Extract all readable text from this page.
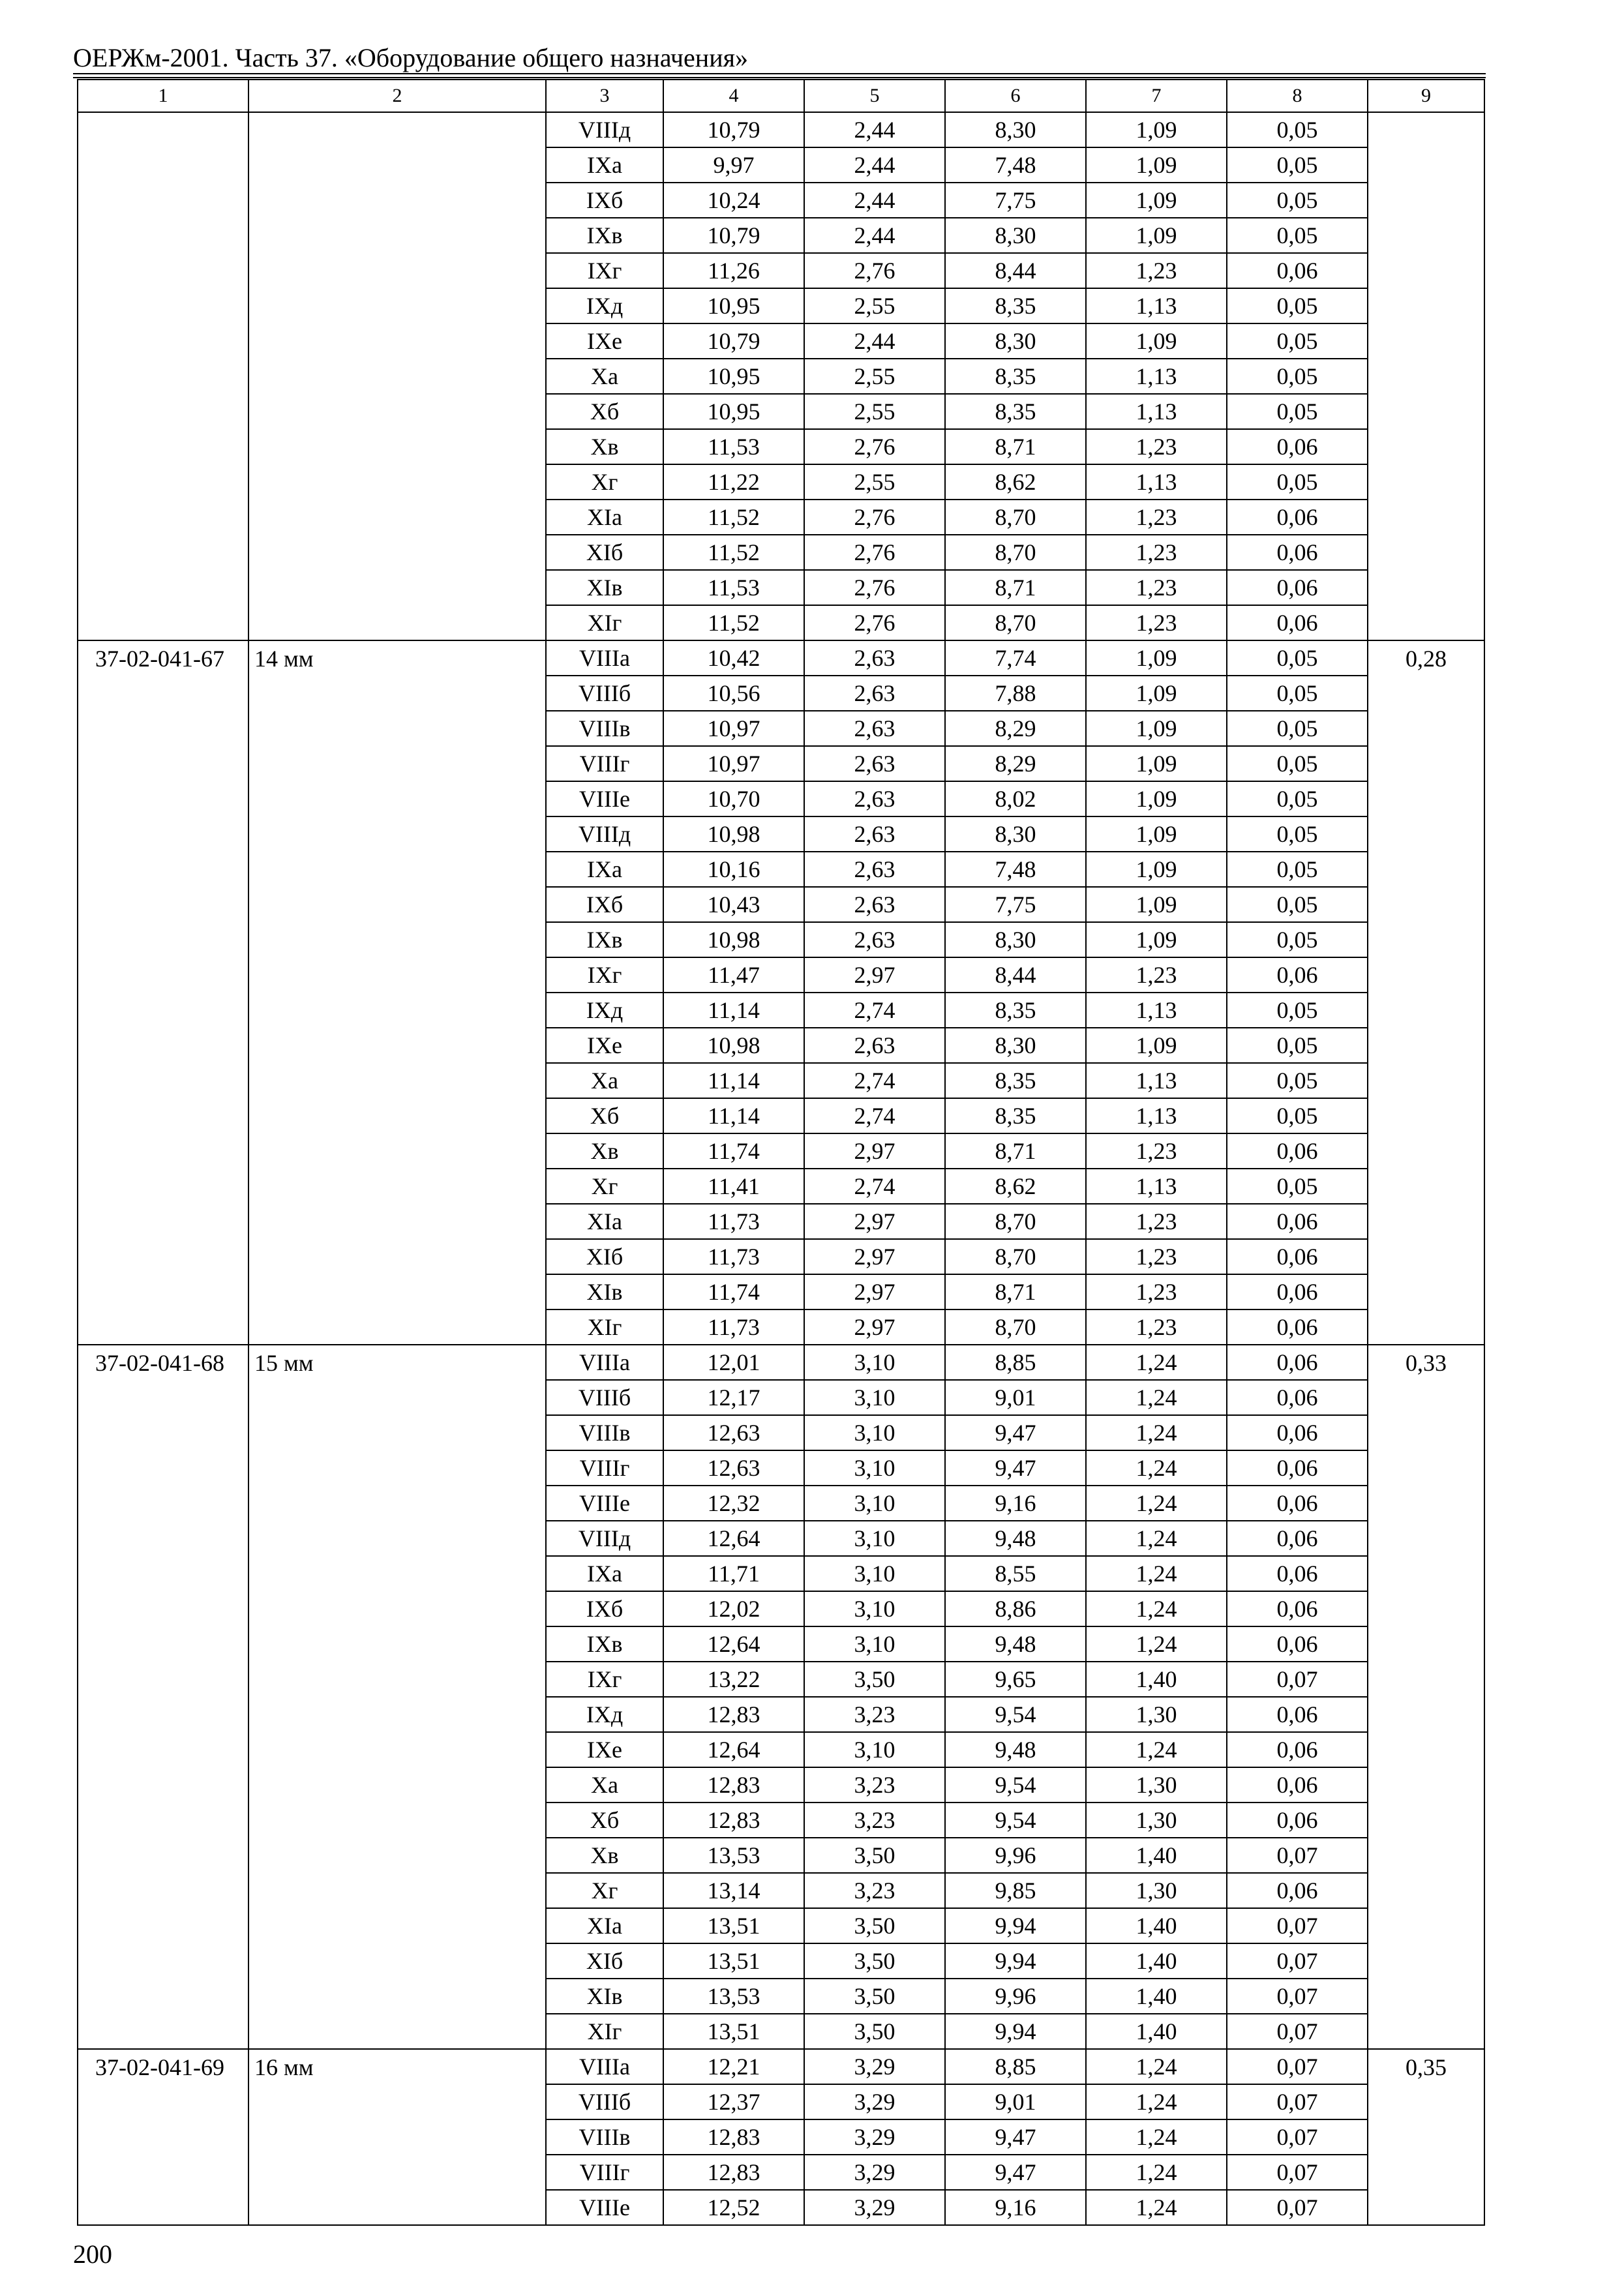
ОЕРЖм-2001. Часть 37. «Оборудование общего назначения»
1	2	3	4	5	6	7	8	9
		VIIIд	10,79	2,44	8,30	1,09	0,05	
		IXа	9,97	2,44	7,48	1,09	0,05	
		IXб	10,24	2,44	7,75	1,09	0,05	
		IXв	10,79	2,44	8,30	1,09	0,05	
		IXг	11,26	2,76	8,44	1,23	0,06	
		IXд	10,95	2,55	8,35	1,13	0,05	
		IXе	10,79	2,44	8,30	1,09	0,05	
		Xа	10,95	2,55	8,35	1,13	0,05	
		Xб	10,95	2,55	8,35	1,13	0,05	
		Xв	11,53	2,76	8,71	1,23	0,06	
		Xг	11,22	2,55	8,62	1,13	0,05	
		XIа	11,52	2,76	8,70	1,23	0,06	
		XIб	11,52	2,76	8,70	1,23	0,06	
		XIв	11,53	2,76	8,71	1,23	0,06	
		XIг	11,52	2,76	8,70	1,23	0,06	
37-02-041-67	14 мм	VIIIа	10,42	2,63	7,74	1,09	0,05	0,28
		VIIIб	10,56	2,63	7,88	1,09	0,05	
		VIIIв	10,97	2,63	8,29	1,09	0,05	
		VIIIг	10,97	2,63	8,29	1,09	0,05	
		VIIIе	10,70	2,63	8,02	1,09	0,05	
		VIIIд	10,98	2,63	8,30	1,09	0,05	
		IXа	10,16	2,63	7,48	1,09	0,05	
		IXб	10,43	2,63	7,75	1,09	0,05	
		IXв	10,98	2,63	8,30	1,09	0,05	
		IXг	11,47	2,97	8,44	1,23	0,06	
		IXд	11,14	2,74	8,35	1,13	0,05	
		IXе	10,98	2,63	8,30	1,09	0,05	
		Xа	11,14	2,74	8,35	1,13	0,05	
		Xб	11,14	2,74	8,35	1,13	0,05	
		Xв	11,74	2,97	8,71	1,23	0,06	
		Xг	11,41	2,74	8,62	1,13	0,05	
		XIа	11,73	2,97	8,70	1,23	0,06	
		XIб	11,73	2,97	8,70	1,23	0,06	
		XIв	11,74	2,97	8,71	1,23	0,06	
		XIг	11,73	2,97	8,70	1,23	0,06	
37-02-041-68	15 мм	VIIIа	12,01	3,10	8,85	1,24	0,06	0,33
		VIIIб	12,17	3,10	9,01	1,24	0,06	
		VIIIв	12,63	3,10	9,47	1,24	0,06	
		VIIIг	12,63	3,10	9,47	1,24	0,06	
		VIIIе	12,32	3,10	9,16	1,24	0,06	
		VIIIд	12,64	3,10	9,48	1,24	0,06	
		IXа	11,71	3,10	8,55	1,24	0,06	
		IXб	12,02	3,10	8,86	1,24	0,06	
		IXв	12,64	3,10	9,48	1,24	0,06	
		IXг	13,22	3,50	9,65	1,40	0,07	
		IXд	12,83	3,23	9,54	1,30	0,06	
		IXе	12,64	3,10	9,48	1,24	0,06	
		Xа	12,83	3,23	9,54	1,30	0,06	
		Xб	12,83	3,23	9,54	1,30	0,06	
		Xв	13,53	3,50	9,96	1,40	0,07	
		Xг	13,14	3,23	9,85	1,30	0,06	
		XIа	13,51	3,50	9,94	1,40	0,07	
		XIб	13,51	3,50	9,94	1,40	0,07	
		XIв	13,53	3,50	9,96	1,40	0,07	
		XIг	13,51	3,50	9,94	1,40	0,07	
37-02-041-69	16 мм	VIIIа	12,21	3,29	8,85	1,24	0,07	0,35
		VIIIб	12,37	3,29	9,01	1,24	0,07	
		VIIIв	12,83	3,29	9,47	1,24	0,07	
		VIIIг	12,83	3,29	9,47	1,24	0,07	
		VIIIе	12,52	3,29	9,16	1,24	0,07	
200
